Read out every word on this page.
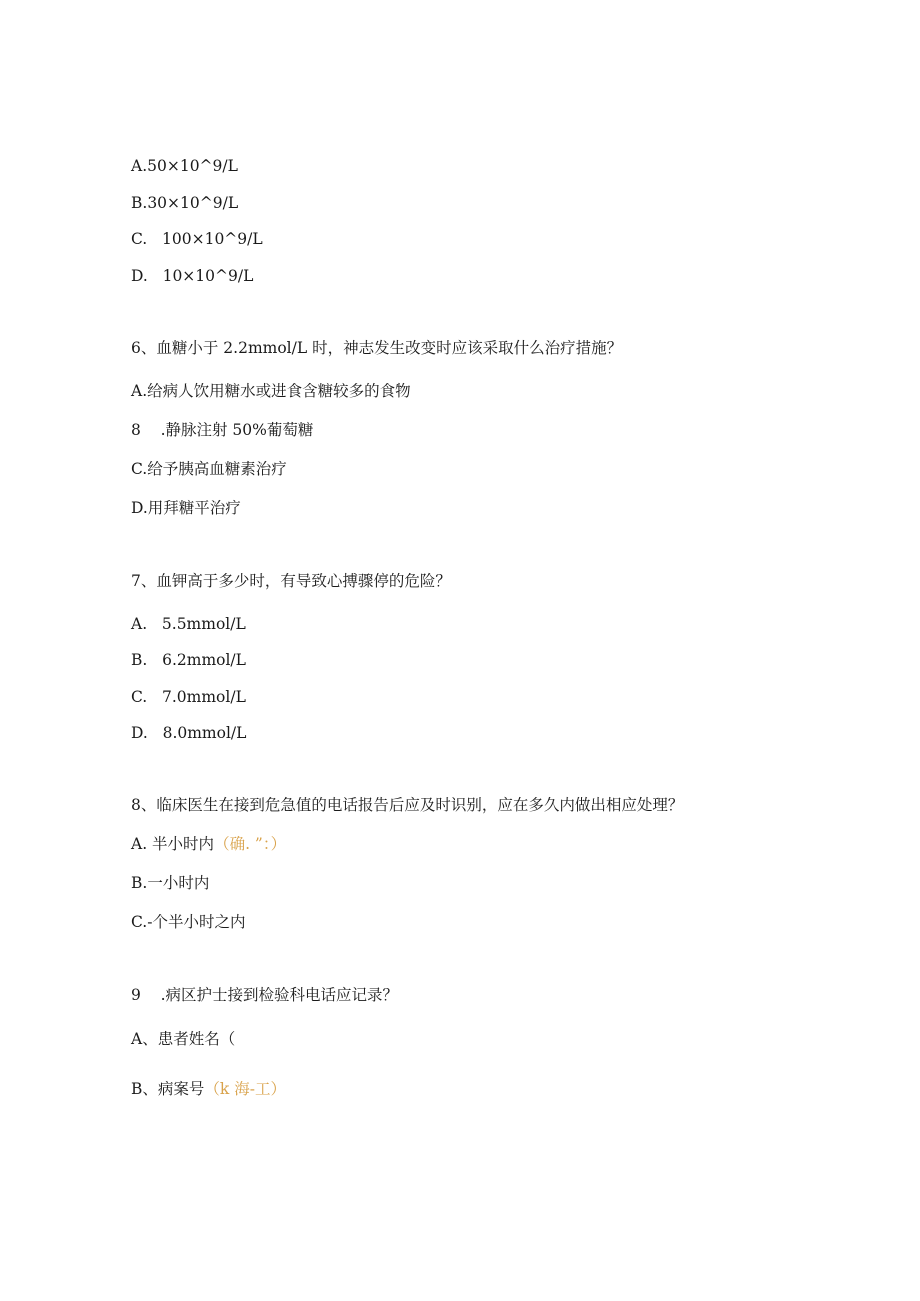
A.50×10^9/L
B.30×10^9/L
C.   100×10^9/L
D.   10×10^9/L
6、血糖小于 2.2mmol/L 时，神志发生改变时应该采取什么治疗措施？
A.给病人饮用糖水或进食含糖较多的食物
8    .静脉注射 50%葡萄糖
C.给予胰高血糖素治疗
D.用拜糖平治疗
7、血钾高于多少时，有导致心搏骤停的危险？
A.   5.5mmol/L
B.   6.2mmol/L
C.   7.0mmol/L
D.   8.0mmol/L
8、临床医生在接到危急值的电话报告后应及时识别，应在多久内做出相应处理？
A. 半小时内（确. ”：）
B.一小时内
C.-个半小时之内
9    .病区护士接到检验科电话应记录？
A、患者姓名（
B、病案号（k 海-工）
